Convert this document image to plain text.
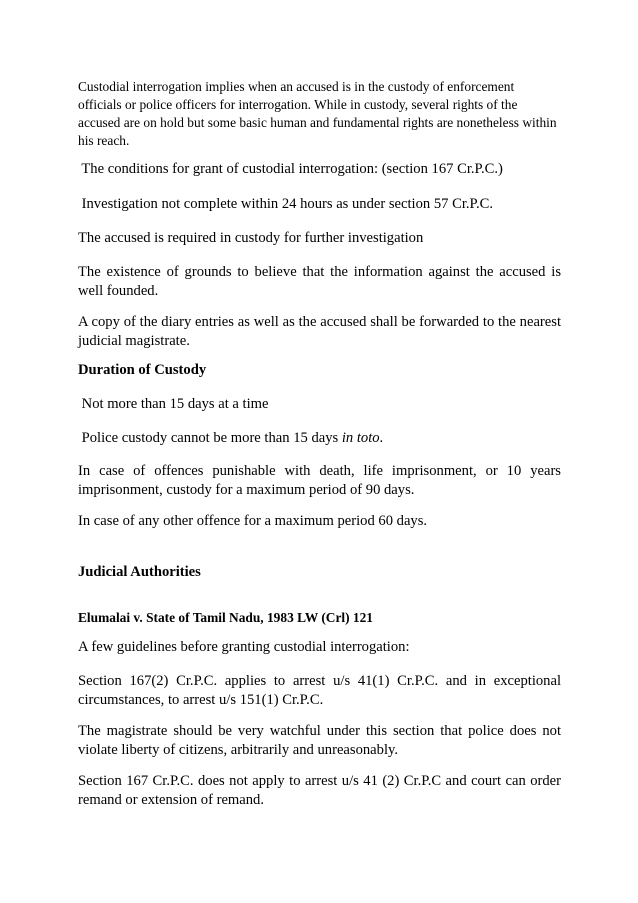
Custodial interrogation implies when an accused is in the custody of enforcement officials or police officers for interrogation. While in custody, several rights of the accused are on hold but some basic human and fundamental rights are nonetheless within his reach.

The conditions for grant of custodial interrogation: (section 167 Cr.P.C.)

Investigation not complete within 24 hours as under section 57 Cr.P.C.

The accused is required in custody for further investigation

The existence of grounds to believe that the information against the accused is well founded.

A copy of the diary entries as well as the accused shall be forwarded to the nearest judicial magistrate.

Duration of Custody

Not more than 15 days at a time

Police custody cannot be more than 15 days in toto.

In case of offences punishable with death, life imprisonment, or 10 years imprisonment, custody for a maximum period of 90 days.

In case of any other offence for a maximum period 60 days.

Judicial Authorities

Elumalai v. State of Tamil Nadu, 1983 LW (Crl) 121

A few guidelines before granting custodial interrogation:

Section 167(2) Cr.P.C. applies to arrest u/s 41(1) Cr.P.C. and in exceptional circumstances, to arrest u/s 151(1) Cr.P.C.

The magistrate should be very watchful under this section that police does not violate liberty of citizens, arbitrarily and unreasonably.

Section 167 Cr.P.C. does not apply to arrest u/s 41 (2) Cr.P.C and court can order remand or extension of remand.
